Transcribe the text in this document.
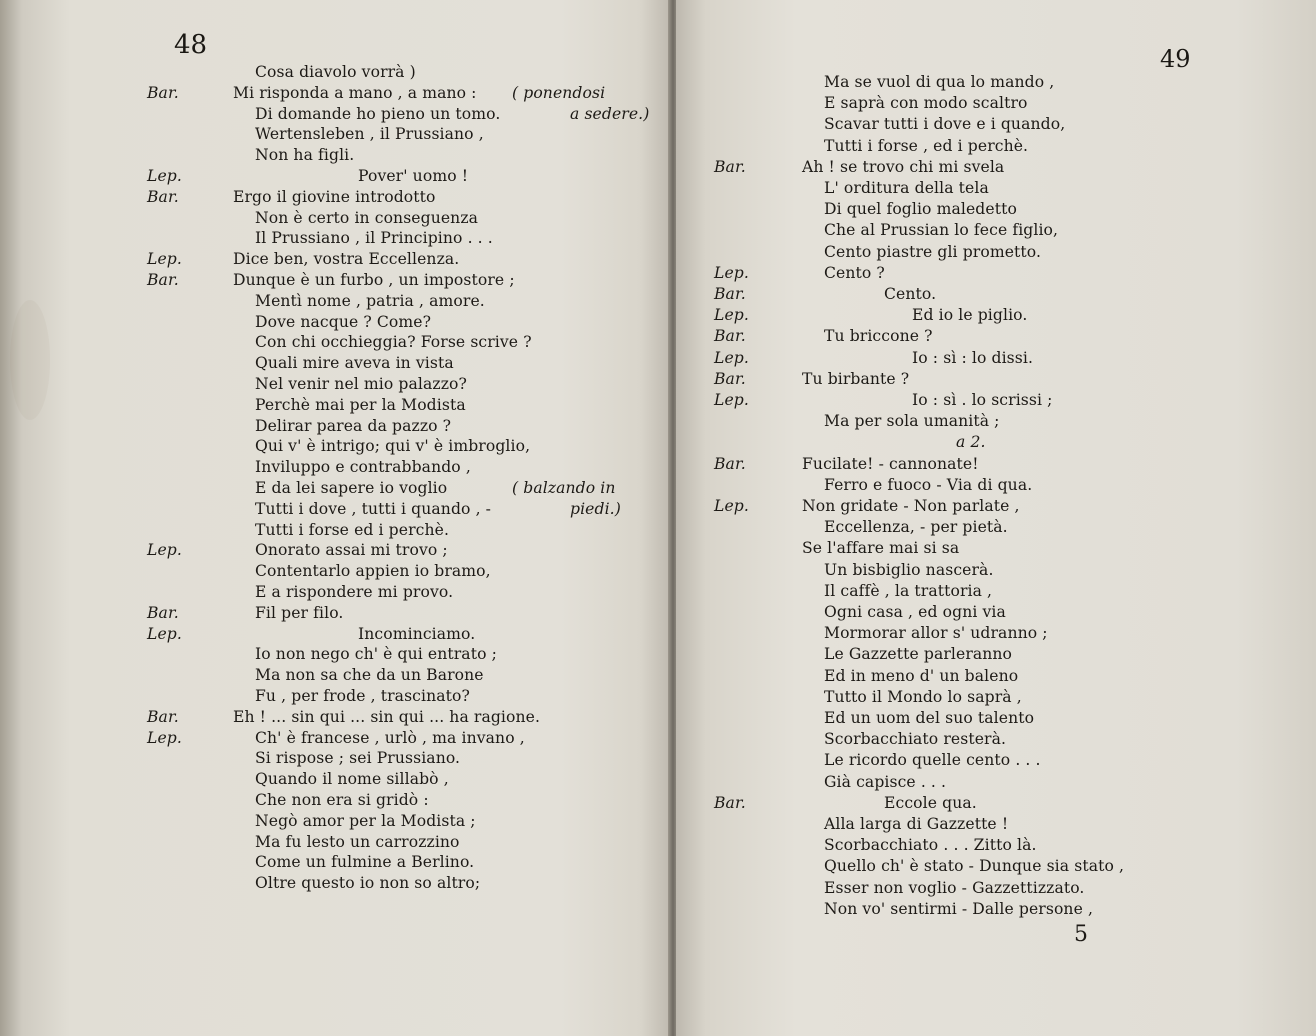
48
Cosa diavolo vorrà )
Bar.	Mi risponda a mano , a mano : ( ponendosi
Di domande ho pieno un tomo.	a sedere.)
Wertensleben , il Prussiano ,
Non ha figli.
Lep.	Pover' uomo !
Bar.	Ergo il giovine introdotto
Non è certo in conseguenza
Il Prussiano , il Principino . . .
Lep.	Dice ben, vostra Eccellenza.
Bar.	Dunque è un furbo , un impostore ;
Mentì nome , patria , amore.
Dove nacque ? Come?
Con chi occhieggia? Forse scrive ?
Quali mire aveva in vista
Nel venir nel mio palazzo?
Perchè mai per la Modista
Delirar parea da pazzo ?
Qui v' è intrigo; qui v' è imbroglio,
Inviluppo e contrabbando ,
E da lei sapere io voglio	( balzando in
Tutti i dove , tutti i quando , -	piedi.)
Tutti i forse ed i perchè.
Lep.	Onorato assai mi trovo ;
Contentarlo appien io bramo,
E a rispondere mi provo.
Bar.	Fil per filo.
Lep.	Incominciamo.
Io non nego ch' è qui entrato ;
Ma non sa che da un Barone
Fu , per frode , trascinato?
Bar.	Eh ! ... sin qui ... sin qui ... ha ragione.
Lep.	Ch' è francese , urlò , ma invano ,
Si rispose ; sei Prussiano.
Quando il nome sillabò ,
Che non era si gridò :
Negò amor per la Modista ;
Ma fu lesto un carrozzino
Come un fulmine a Berlino.
Oltre questo io non so altro;
49
Ma se vuol di qua lo mando ,
E saprà con modo scaltro
Scavar tutti i dove e i quando,
Tutti i forse , ed i perchè.
Bar.	Ah ! se trovo chi mi svela
L' orditura della tela
Di quel foglio maledetto
Che al Prussian lo fece figlio,
Cento piastre gli prometto.
Lep.	Cento ?
Bar.	Cento.
Lep.	Ed io le piglio.
Bar.	Tu briccone ?
Lep.	Io : sì : lo dissi.
Bar.	Tu birbante ?
Lep.	Io : sì . lo scrissi ;
Ma per sola umanità ;
a 2.
Bar.	Fucilate! - cannonate!
Ferro e fuoco - Via di qua.
Lep.	Non gridate - Non parlate ,
Eccellenza, - per pietà.
Se l'affare mai si sa
Un bisbiglio nascerà.
Il caffè , la trattoria ,
Ogni casa , ed ogni via
Mormorar allor s' udranno ;
Le Gazzette parleranno
Ed in meno d' un baleno
Tutto il Mondo lo saprà ,
Ed un uom del suo talento
Scorbacchiato resterà.
Le ricordo quelle cento . . .
Già capisce . . .
Bar.	Eccole qua.
Alla larga di Gazzette !
Scorbacchiato . . . Zitto là.
Quello ch' è stato - Dunque sia stato ,
Esser non voglio - Gazzettizzato.
Non vo' sentirmi - Dalle persone ,
5
